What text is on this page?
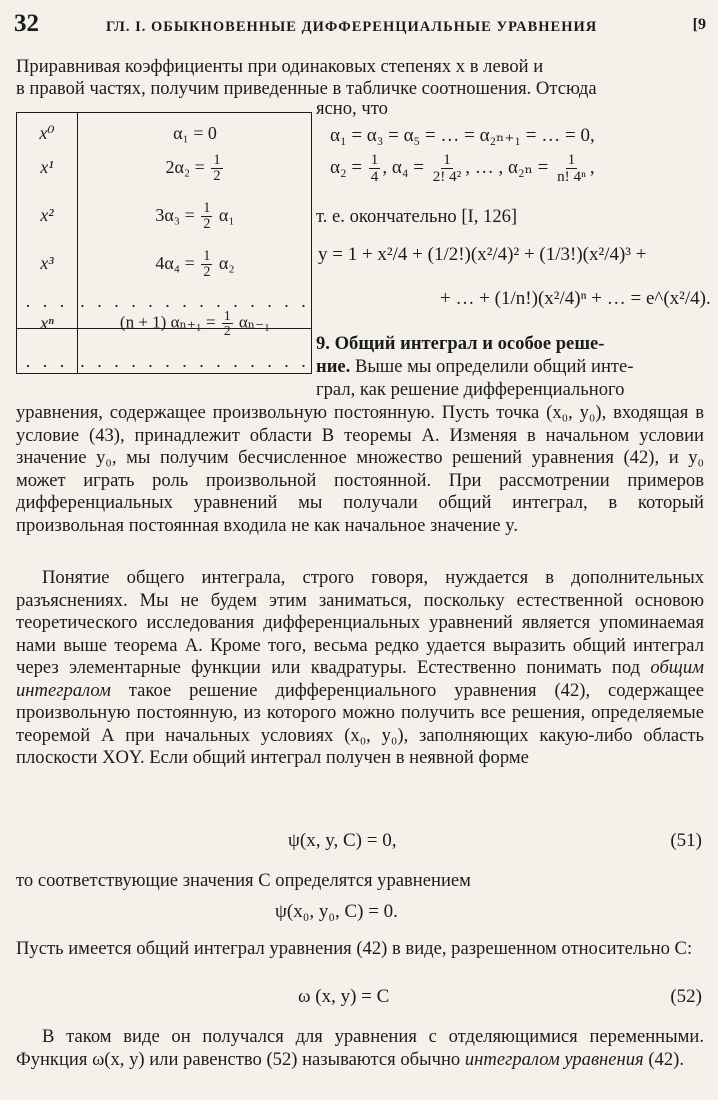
32	ГЛ. I. ОБЫКНОВЕННЫЕ ДИФФЕРЕНЦИАЛЬНЫЕ УРАВНЕНИЯ	[9

Приравнивая коэффициенты при одинаковых степенях x в левой и

в правой частях, получим приведенные в табличке соотношения. Отсюда

ясно, что

x⁰	α₁ = 0
x¹	$2\alpha_2 = \frac{1}{2}$
x²	$3\alpha_3 = \frac{1}{2} \alpha_1$
x³	$4\alpha_4 = \frac{1}{2} \alpha_2$
. . . . . . . . . . . . . . . . .
xⁿ	(n + 1) $\alpha_{n+1} = \frac{1}{2} \alpha_{n-1}$
. . . . . . . . . . . . . . . . .
α₁ = α₃ = α₅ = … = α₂ₙ₊₁ = … = 0,
$\alpha_2 = \frac{1}{4}$ , $\alpha_4 = \frac{1}{\text{2! 4²}}$ , … , $\alpha_{2n} = \frac{1}{\text{n! 4ⁿ}}$ ,

т. е. окончательно [I, 126]

y = 1 + x²/4 + (1/2!)(x²/4)² + (1/3!)(x²/4)³ +
+ … + (1/n!)(x²/4)ⁿ + … = e^(x²/4).

9. Общий интеграл и особое реше-

ние. Выше мы определили общий инте-

грал, как решение дифференциального

уравнения, содержащее произвольную постоянную. Пусть точка (x₀, y₀), входящая в условие (43), принадлежит области B теоремы А. Изменяя в начальном условии значение y₀, мы получим бесчисленное множество решений уравнения (42), и y₀ может играть роль произвольной постоянной. При рассмотрении примеров дифференциальных уравнений мы получали общий интеграл, в который произвольная постоянная входила не как начальное значение y.

Понятие общего интеграла, строго говоря, нуждается в дополнительных разъяснениях. Мы не будем этим заниматься, поскольку естественной основою теоретического исследования дифференциальных уравнений является упоминаемая нами выше теорема А. Кроме того, весьма редко удается выразить общий интеграл через элементарные функции или квадратуры. Естественно понимать под общим интегралом такое решение дифференциального уравнения (42), содержащее произвольную постоянную, из которого можно получить все решения, определяемые теоремой А при начальных условиях (x₀, y₀), заполняющих какую-либо область плоскости XOY. Если общий интеграл получен в неявной форме

ψ(x, y, C) = 0,	(51)

то соответствующие значения C определятся уравнением

ψ(x₀, y₀, C) = 0.

Пусть имеется общий интеграл уравнения (42) в виде, разрешенном относительно C:

ω (x, y) = C	(52)

В таком виде он получался для уравнения с отделяющимися переменными. Функция ω(x, y) или равенство (52) называются обычно интегралом уравнения (42).
